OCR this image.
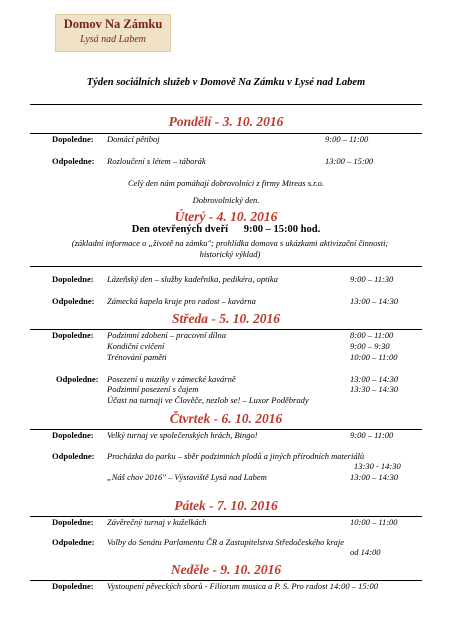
Domov Na Zámku
Lysá nad Labem
Týden sociálních služeb v Domově Na Zámku v Lysé nad Labem
Pondělí - 3. 10. 2016
Dopoledne: Domácí pětiboj	9:00 – 11:00
Odpoledne: Rozloučení s létem – táborák	13:00 – 15:00
Celý den nám pomáhají dobrovolníci z firmy Mireas s.r.o.
Dobrovolnický den.
Úterý - 4. 10. 2016
Den otevřených dveří      9:00 – 15:00 hod.
(základní informace o „životě na zámku"; prohlídka domova s ukázkami aktivizační činnosti; historický výklad)
Dopoledne: Lázeňský den – služby kadeřnika, pedikéra, optika	9:00 – 11:30
Odpoledne: Zámecká kapela kraje pro radost – kavárna	13:00 – 14:30
Středa - 5. 10. 2016
Dopoledne: Podzimní zdobení – pracovní dílna	8:00 – 11:00
Kondiční cvičení	9:00 – 9:30
Trénování paměti	10:00 – 11:00
Odpoledne: Posezení u muziky v zámecké kavárně	13:00 – 14:30
Podzimní posezení s čajem	13:30 – 14:30
Účast na turnaji ve Člověče, nezlob se! – Luxor Poděbrady
Čtvrtek - 6. 10. 2016
Dopoledne: Velký turnaj ve společenských hrách, Bingo!	9:00 – 11:00
Odpoledne: Procházka do parku – sběr podzimních plodů a jiných přírodních materiálů
13:30 - 14:30
„Náš chov 2016" – Výstaviště Lysá nad Labem	13:00 – 14:30
Pátek - 7. 10. 2016
Dopoledne: Závěrečný turnaj v kuželkách	10:00 – 11:00
Odpoledne: Volby do Senátu Parlamentu ČR a Zastupitelstva Středočeského kraje
od 14:00
Neděle - 9. 10. 2016
Dopoledne: Vystoupení pěveckých sborů - Filiorum musica a P. S. Pro radost 14:00 – 15:00
